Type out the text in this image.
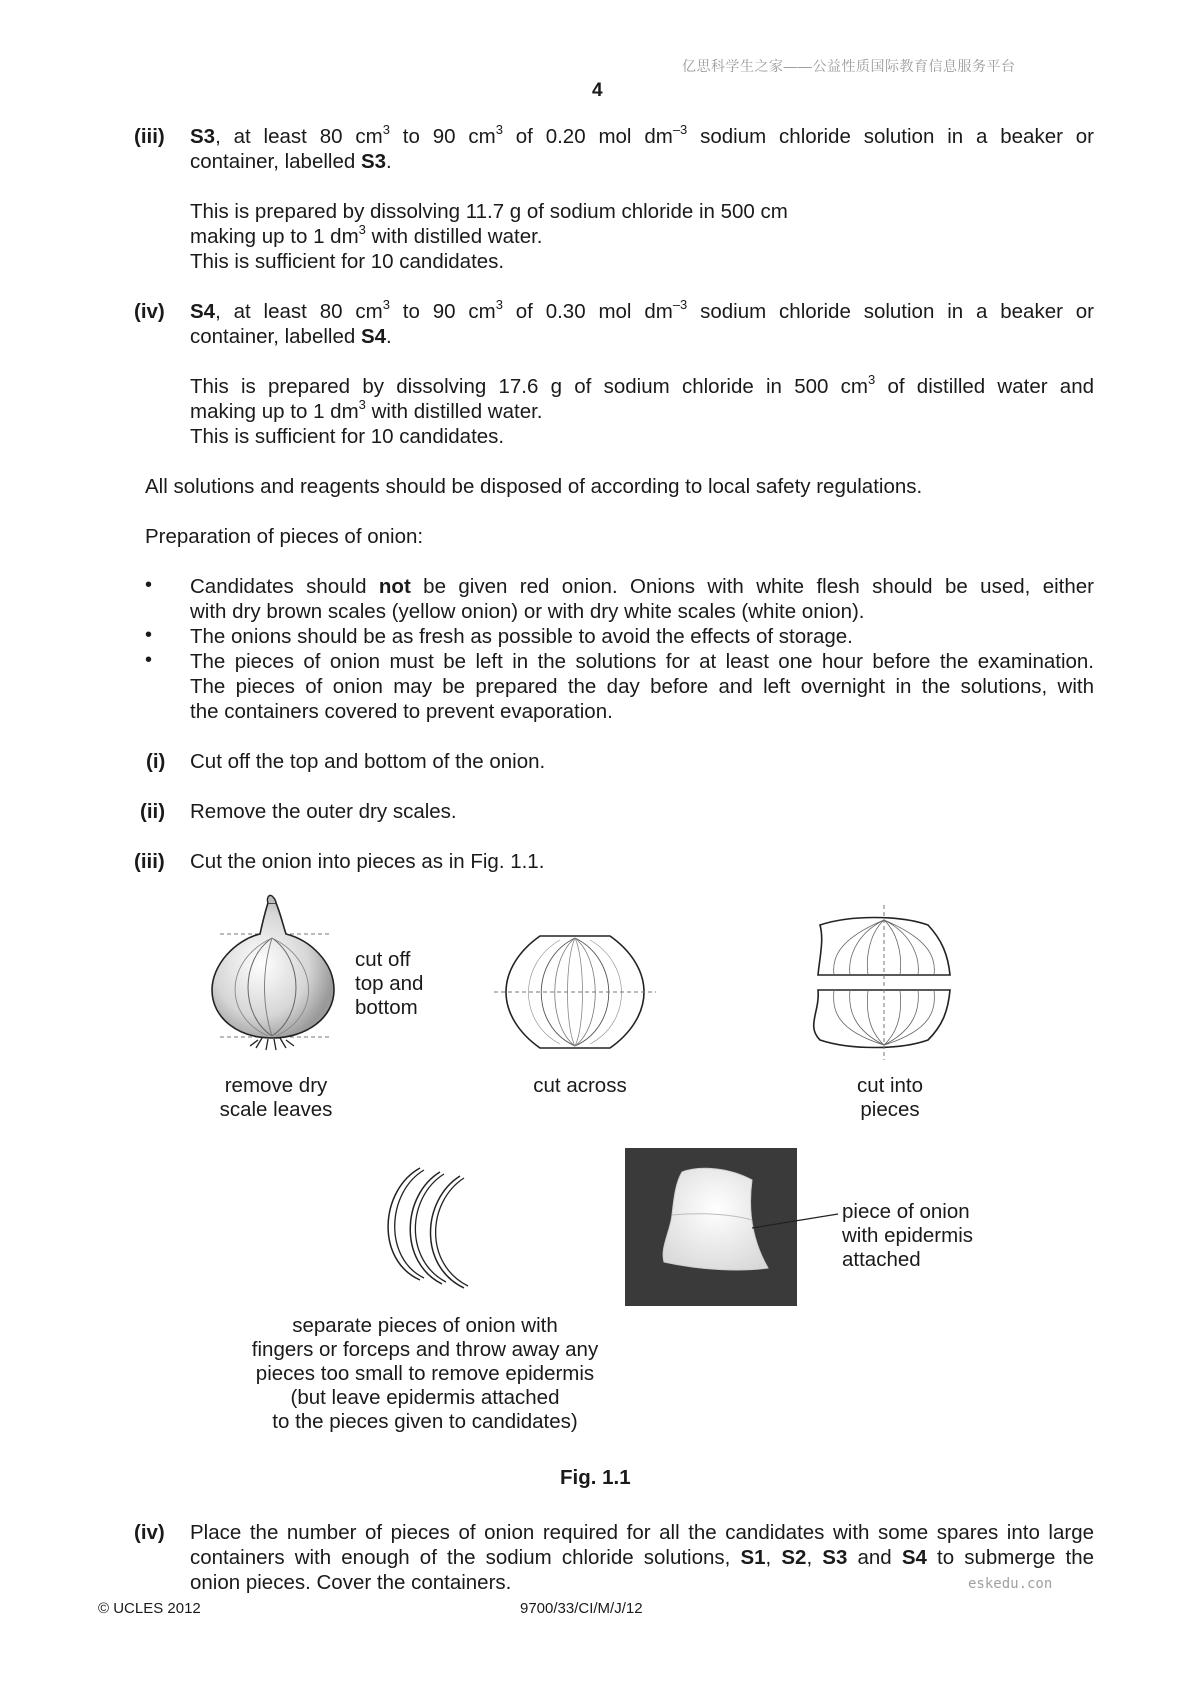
亿思科学生之家——公益性质国际教育信息服务平台
4
(iii) S3, at least 80 $cm^3$ to 90 $cm^3$ of 0.20 mol $dm^{-3}$ sodium chloride solution in a beaker or
container, labelled S3.
This is prepared by dissolving 11.7 g of sodium chloride in 500 cm
making up to 1 $dm^3$ with distilled water.
This is sufficient for 10 candidates.
(iv) S4, at least 80 $cm^3$ to 90 $cm^3$ of 0.30 mol $dm^{-3}$ sodium chloride solution in a beaker or
container, labelled S4.
This is prepared by dissolving 17.6 g of sodium chloride in 500 $cm^3$ of distilled water and
making up to 1 $dm^3$ with distilled water.
This is sufficient for 10 candidates.
All solutions and reagents should be disposed of according to local safety regulations.
Preparation of pieces of onion:
• Candidates should not be given red onion. Onions with white flesh should be used, either
with dry brown scales (yellow onion) or with dry white scales (white onion).
• The onions should be as fresh as possible to avoid the effects of storage.
• The pieces of onion must be left in the solutions for at least one hour before the examination.
The pieces of onion may be prepared the day before and left overnight in the solutions, with
the containers covered to prevent evaporation.
(i) Cut off the top and bottom of the onion.
(ii) Remove the outer dry scales.
(iii) Cut the onion into pieces as in Fig. 1.1.
cut off
top and
bottom
remove dry
scale leaves
cut across	cut into
pieces
piece of onion
with epidermis
attached
separate pieces of onion with
fingers or forceps and throw away any
pieces too small to remove epidermis
(but leave epidermis attached
to the pieces given to candidates)
Fig. 1.1
(iv) Place the number of pieces of onion required for all the candidates with some spares into large
containers with enough of the sodium chloride solutions, S1, S2, S3 and S4 to submerge the
onion pieces. Cover the containers.	eskedu.con
© UCLES 2012	9700/33/CI/M/J/12
